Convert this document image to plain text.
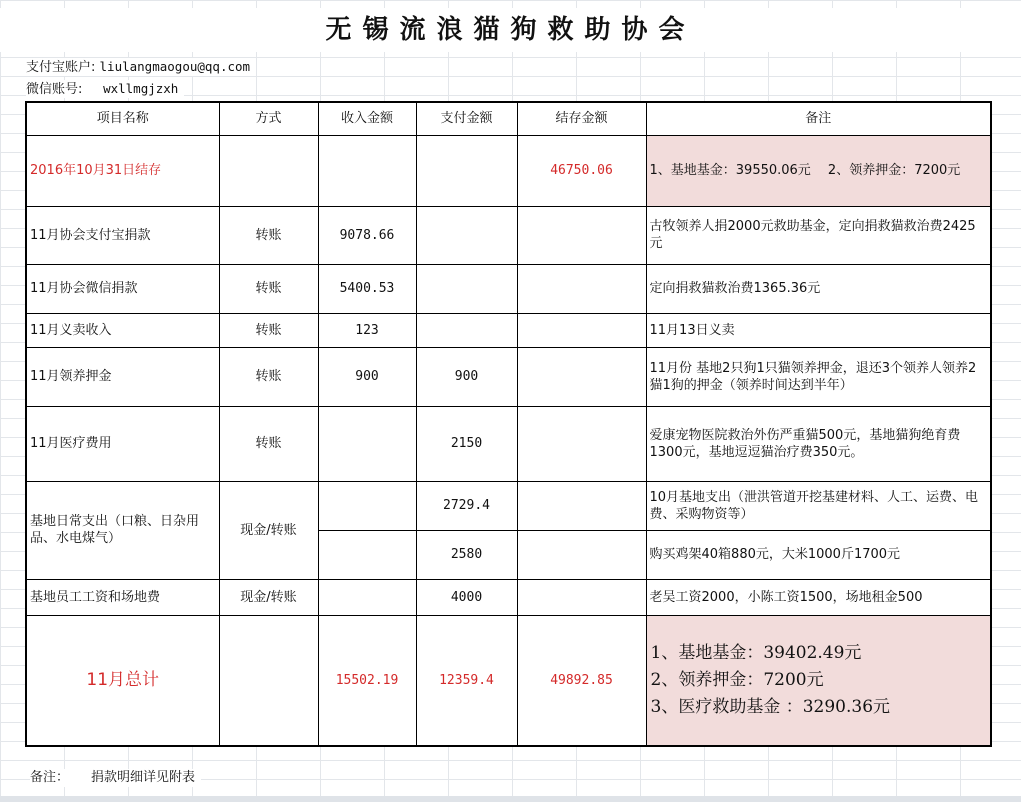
无锡流浪猫狗救助协会
支付宝账户: liulangmaogou@qq.com
微信账号: wxllmgjzxh
项目名称	方式	收入金额	支付金额	结存金额	备注
2016年10月31日结存				46750.06	1、基地基金：39550.06元　 2、领养押金：7200元
11月协会支付宝捐款	转账	9078.66			古牧领养人捐2000元救助基金，定向捐救猫救治费2425元
11月协会微信捐款	转账	5400.53			定向捐救猫救治费1365.36元
11月义卖收入	转账	123			11月13日义卖
11月领养押金	转账	900	900		11月份 基地2只狗1只猫领养押金，退还3个领养人领养2猫1狗的押金（领养时间达到半年）
11月医疗费用	转账		2150		爱康宠物医院救治外伤严重猫500元，基地猫狗绝育费1300元，基地逗逗猫治疗费350元。
基地日常支出（口粮、日杂用品、水电煤气）	现金/转账		2729.4		10月基地支出（泄洪管道开挖基建材料、人工、运费、电费、采购物资等）
			2580		购买鸡架40箱880元，大米1000斤1700元
基地员工工资和场地费	现金/转账		4000		老吴工资2000，小陈工资1500，场地租金500
11月总计		15502.19	12359.4	49892.85	1、基地基金：39402.49元
2、领养押金：7200元
3、医疗救助基金 ：3290.36元
备注： 捐款明细详见附表
